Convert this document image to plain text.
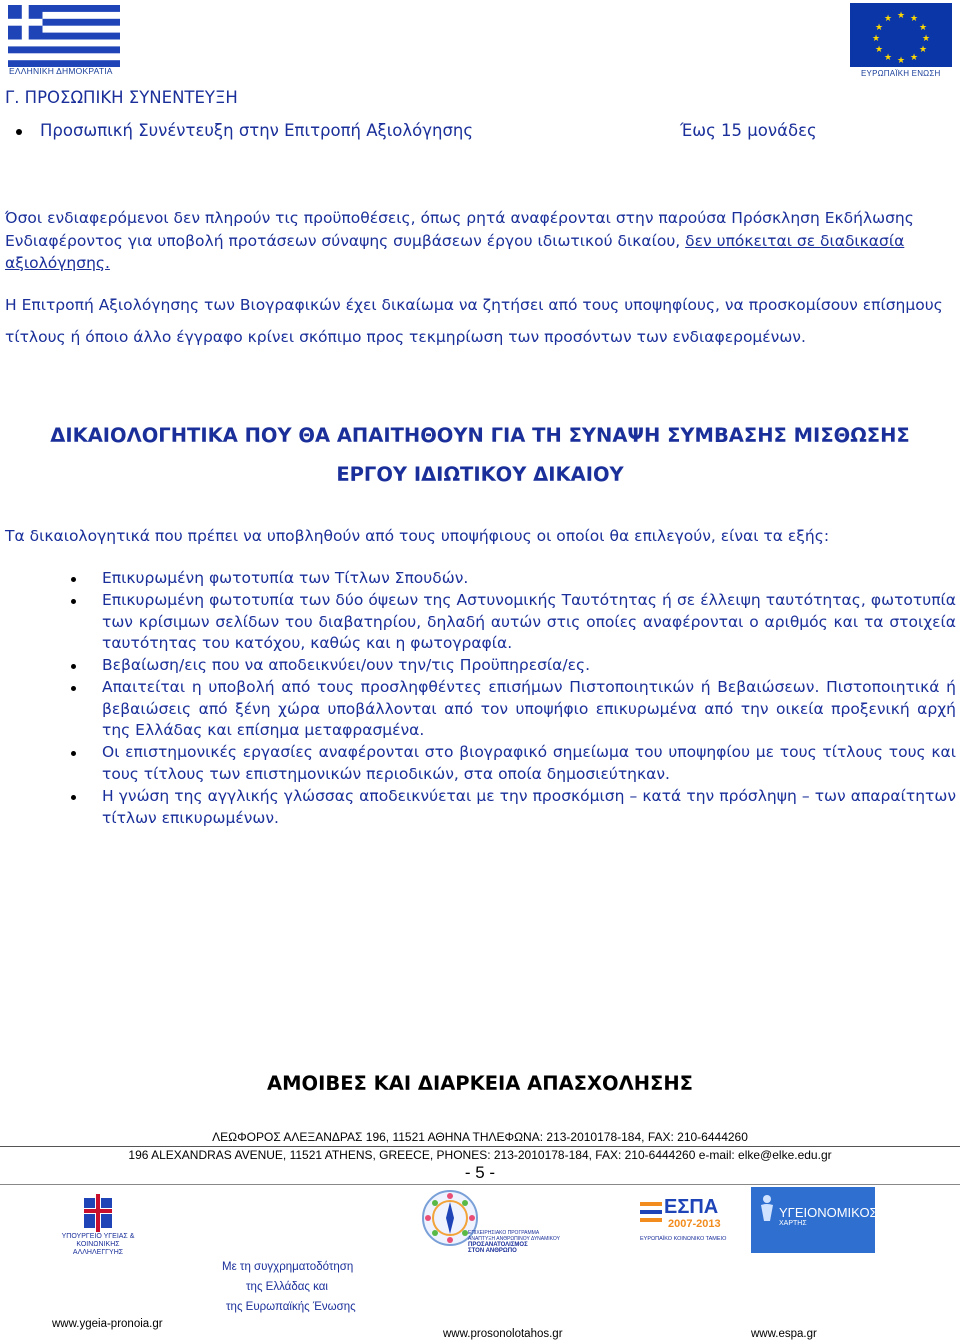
ΕΛΛΗΝΙΚΗ ΔΗΜΟΚΡΑΤΙΑ
★ ★
★
★
★
★
★
★
★
★
★
★
ΕΥΡΩΠΑΪΚΗ ΕΝΩΣΗ
Γ. ΠΡΟΣΩΠΙΚΗ ΣΥΝΕΝΤΕΥΞΗ
Προσωπική Συνέντευξη στην Επιτροπή Αξιολόγησης	Έως 15 μονάδες
Όσοι ενδιαφερόμενοι δεν πληρούν τις προϋποθέσεις, όπως ρητά αναφέρονται στην παρούσα Πρόσκληση Εκδήλωσης
Ενδιαφέροντος για υποβολή προτάσεων σύναψης συμβάσεων έργου ιδιωτικού δικαίου, δεν υπόκειται σε διαδικασία
αξιολόγησης.
Η Επιτροπή Αξιολόγησης των Βιογραφικών έχει δικαίωμα να ζητήσει από τους υποψηφίους, να προσκομίσουν επίσημους
τίτλους ή όποιο άλλο έγγραφο κρίνει σκόπιμο προς τεκμηρίωση των προσόντων των ενδιαφερομένων.
ΔΙΚΑΙΟΛΟΓΗΤΙΚΑ ΠΟΥ ΘΑ ΑΠΑΙΤΗΘΟΥΝ ΓΙΑ ΤΗ ΣΥΝΑΨΗ ΣΥΜΒΑΣΗΣ ΜΙΣΘΩΣΗΣ
ΕΡΓΟΥ ΙΔΙΩΤΙΚΟΥ ΔΙΚΑΙΟΥ
Τα δικαιολογητικά που πρέπει να υποβληθούν από τους υποψήφιους οι οποίοι θα επιλεγούν, είναι τα εξής:
Επικυρωμένη φωτοτυπία των Τίτλων Σπουδών.
Επικυρωμένη φωτοτυπία των δύο όψεων της Αστυνομικής Ταυτότητας ή σε έλλειψη ταυτότητας, φωτοτυπία των κρίσιμων σελίδων του διαβατηρίου, δηλαδή αυτών στις οποίες αναφέρονται ο αριθμός και τα στοιχεία ταυτότητας του κατόχου, καθώς και η φωτογραφία.
Βεβαίωση/εις που να αποδεικνύει/ουν την/τις Προϋπηρεσία/ες.
Απαιτείται η υποβολή από τους προσληφθέντες επισήμων Πιστοποιητικών ή Βεβαιώσεων. Πιστοποιητικά ή βεβαιώσεις από ξένη χώρα υποβάλλονται από τον υποψήφιο επικυρωμένα από την οικεία προξενική αρχή της Ελλάδας και επίσημα μεταφρασμένα.
Οι επιστημονικές εργασίες αναφέρονται στο βιογραφικό σημείωμα του υποψηφίου με τους τίτλους τους και τους τίτλους των επιστημονικών περιοδικών, στα οποία δημοσιεύτηκαν.
Η γνώση της αγγλικής γλώσσας αποδεικνύεται με την προσκόμιση – κατά την πρόσληψη – των απαραίτητων τίτλων επικυρωμένων.
ΑΜΟΙΒΕΣ ΚΑΙ ΔΙΑΡΚΕΙΑ ΑΠΑΣΧΟΛΗΣΗΣ
ΛΕΩΦΟΡΟΣ ΑΛΕΞΑΝΔΡΑΣ 196, 11521 ΑΘΗΝΑ ΤΗΛΕΦΩΝΑ: 213-2010178-184, FAX: 210-6444260
196 ALEXANDRAS AVENUE, 11521 ATHENS, GREECE, PHONES: 213-2010178-184, FAX: 210-6444260 e-mail: elke@elke.edu.gr
- 5 -
ΥΠΟΥΡΓΕΙΟ ΥΓΕΙΑΣ &
ΚΟΙΝΩΝΙΚΗΣ ΑΛΛΗΛΕΓΓΥΗΣ
ΕΠΙΧΕΙΡΗΣΙΑΚΟ ΠΡΟΓΡΑΜΜΑ
ΑΝΑΠΤΥΞΗ ΑΝΘΡΩΠΙΝΟΥ ΔΥΝΑΜΙΚΟΥ
ΠΡΟΣΑΝΑΤΟΛΙΣΜΟΣ
ΣΤΟΝ ΑΝΘΡΩΠΟ
Με τη συγχρηματοδότηση
της Ελλάδας και
της Ευρωπαϊκής Ένωσης
ΕΣΠΑ
2007-2013
ΕΥΡΩΠΑΪΚΟ ΚΟΙΝΩΝΙΚΟ ΤΑΜΕΙΟ
ΥΓΕΙΟΝΟΜΙΚΟΣ
ΧΑΡΤΗΣ
www.ygeia-pronoia.gr
www.prosonolotahos.gr	www.espa.gr
